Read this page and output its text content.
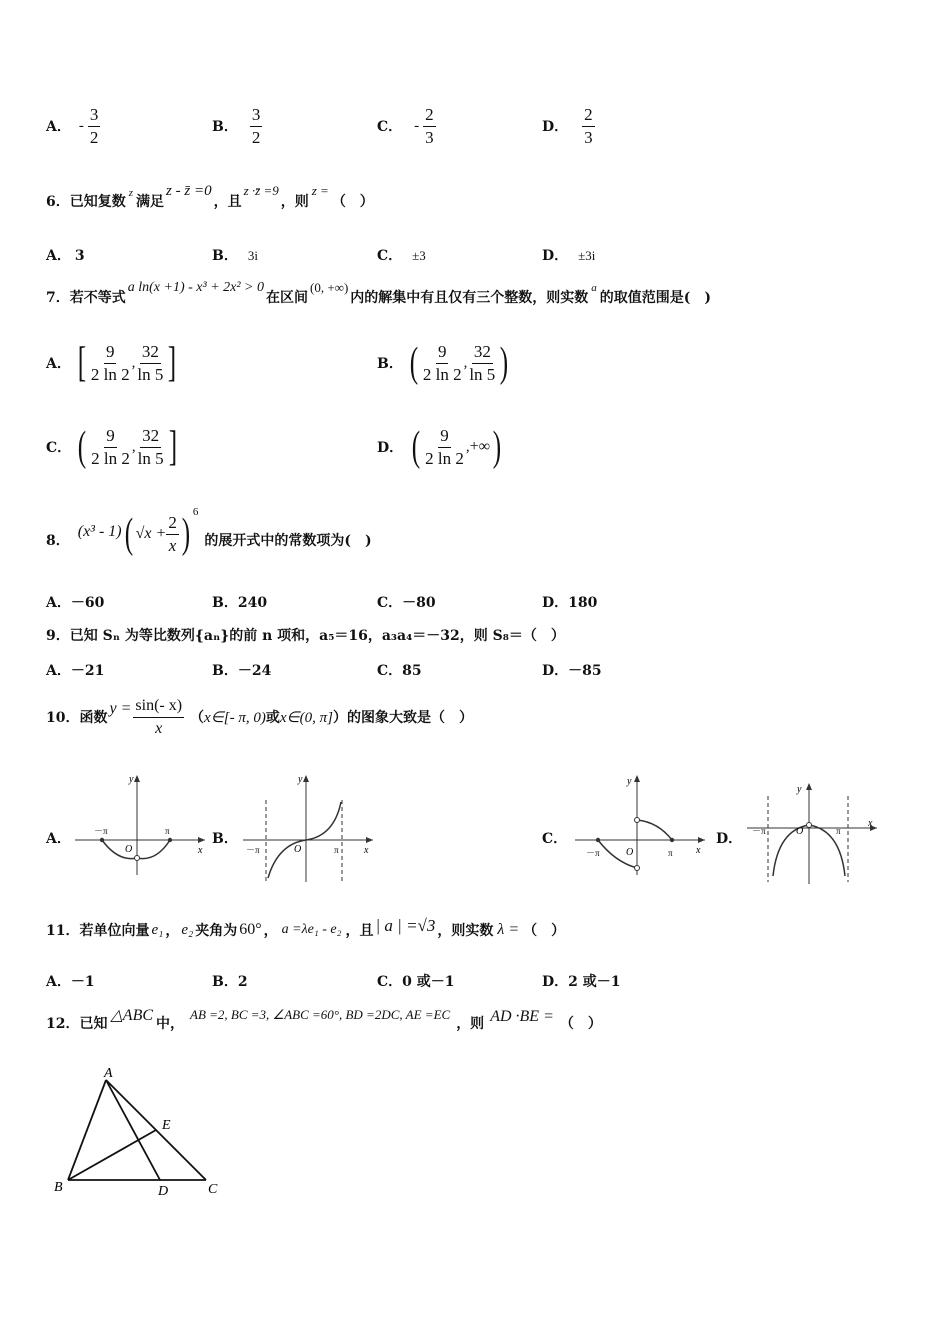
A． - $\frac{3}{2}$	B． $\frac{3}{2}$	C． - $\frac{2}{3}$	D． $\frac{2}{3}$
6． 已知复数
z
满足
z - z̄ =0
，且
z ·z̄ =9
，则
z =
（　）
A． 3	B． 3i	C． ±3	D． ±3i
7． 若不等式
a ln(x +1) - x³ + 2x² > 0
在区间
(0, +∞)
内的解集中有且仅有三个整数，则实数
a
的取值范围是(　)
A． [ $\frac{9}{2 \ln 2}$ , $\frac{32}{\ln 5}$ ]	B． ( $\frac{9}{2 \ln 2}$ , $\frac{32}{\ln 5}$ )
C． ( $\frac{9}{2 \ln 2}$ , $\frac{32}{\ln 5}$ ]	D． ( $\frac{9}{2 \ln 2}$ , +∞ )
8．
(x³ - 1) ( $√x + \frac{2}{x}$ ) 6
的展开式中的常数项为(　)
A．－60	B．240	C．－80	D．180
9．已知 Sₙ 为等比数列{aₙ}的前 n 项和，a₅＝16，a₃a₄＝－32，则 S₈＝（　）
A．－21	B．－24	C．85	D．－85
10． 函数
$y = \frac{\sin(- x)}{x}$ （ x∈[- π, 0) 或 x∈(0, π] ）的图象大致是（　）
A．
y
x
O
－π	π	B．
y
x
O
－π	π
C．
y
x
O
－π	π
D．
y
x
O
－π	π
11． 若单位向量 e₁ ， e₂ 夹角为 60° ， a =λe₁ - e₂ ，且 | a | =√3 ，则实数 λ = （　）
A．－1	B．2	C．0 或－1	D．2 或－1
12． 已知 △ABC 中，
AB =2, BC =3, ∠ABC =60°, BD =2DC, AE =EC
，则 AD ·BE = （　）
A
B	C
D
E
